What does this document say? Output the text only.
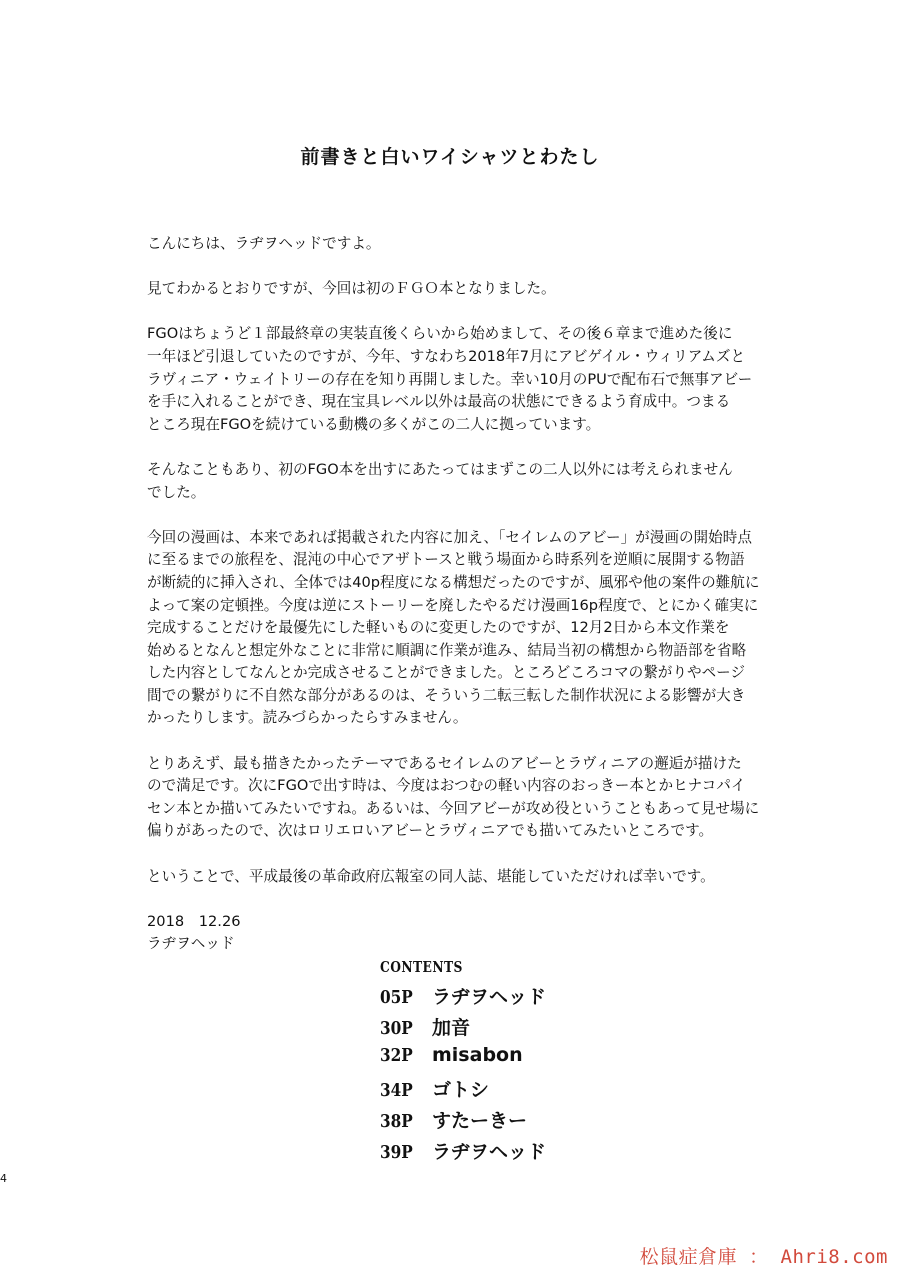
前書きと白いワイシャツとわたし

こんにちは、ラヂヲヘッドですよ。

見てわかるとおりですが、今回は初のＦＧＯ本となりました。

FGOはちょうど１部最終章の実装直後くらいから始めまして、その後６章まで進めた後に
一年ほど引退していたのですが、今年、すなわち2018年7月にアビゲイル・ウィリアムズと
ラヴィニア・ウェイトリーの存在を知り再開しました。幸い10月のPUで配布石で無事アビー
を手に入れることができ、現在宝具レベル以外は最高の状態にできるよう育成中。つまる
ところ現在FGOを続けている動機の多くがこの二人に拠っています。

そんなこともあり、初のFGO本を出すにあたってはまずこの二人以外には考えられません
でした。

今回の漫画は、本来であれば掲載された内容に加え、「セイレムのアビー」が漫画の開始時点
に至るまでの旅程を、混沌の中心でアザトースと戦う場面から時系列を逆順に展開する物語
が断続的に挿入され、全体では40p程度になる構想だったのですが、風邪や他の案件の難航に
よって案の定頓挫。今度は逆にストーリーを廃したやるだけ漫画16p程度で、とにかく確実に
完成することだけを最優先にした軽いものに変更したのですが、12月2日から本文作業を
始めるとなんと想定外なことに非常に順調に作業が進み、結局当初の構想から物語部を省略
した内容としてなんとか完成させることができました。ところどころコマの繋がりやページ
間での繋がりに不自然な部分があるのは、そういう二転三転した制作状況による影響が大き
かったりします。読みづらかったらすみません。

とりあえず、最も描きたかったテーマであるセイレムのアビーとラヴィニアの邂逅が描けた
ので満足です。次にFGOで出す時は、今度はおつむの軽い内容のおっきー本とかヒナコパイ
セン本とか描いてみたいですね。あるいは、今回アビーが攻め役ということもあって見せ場に
偏りがあったので、次はロリエロいアビーとラヴィニアでも描いてみたいところです。

ということで、平成最後の革命政府広報室の同人誌、堪能していただければ幸いです。

2018　12.26
ラヂヲヘッド

CONTENTS
05P	ラヂヲヘッド
30P	加音
32P	misabon
34P	ゴトシ
38P	すたーきー
39P	ラヂヲヘッド
4
松鼠症倉庫 ： Ahri8.com
